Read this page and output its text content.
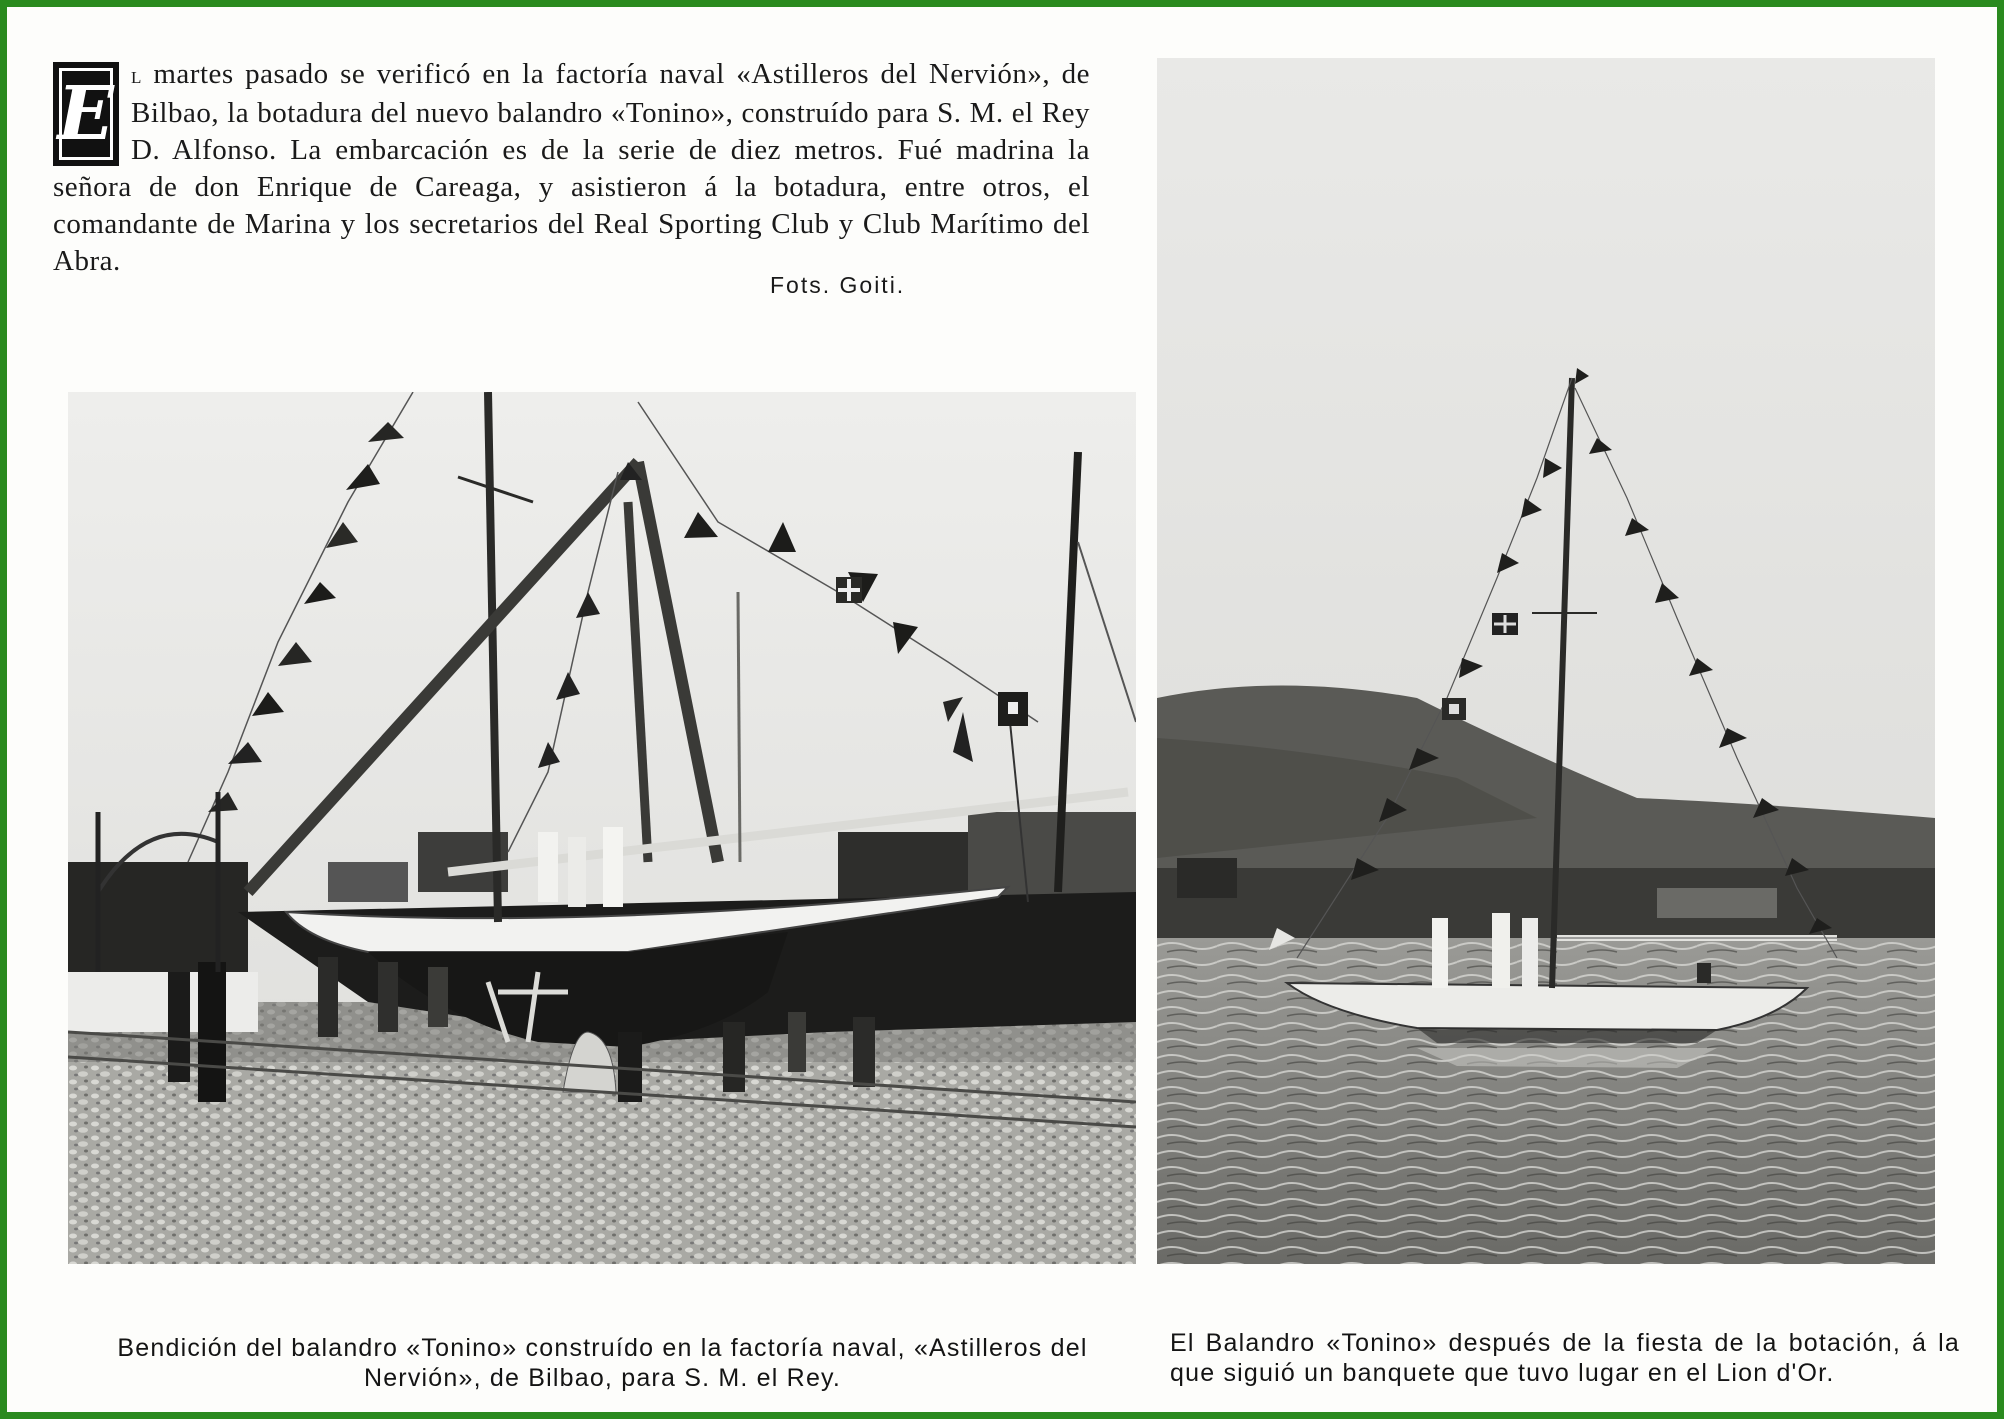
E l martes pasado se verificó en la factoría naval «Astilleros del Nervión», de Bilbao, la botadura del nuevo balandro «Tonino», construído para S. M. el Rey D. Alfonso. La embarcación es de la serie de diez metros. Fué madrina la señora de don Enrique de Careaga, y asistieron á la botadura, entre otros, el comandante de Marina y los secretarios del Real Sporting Club y Club Marítimo del Abra.
Fots. Goiti.
Bendición del balandro «Tonino» construído en la factoría naval, «Astilleros del Nervión», de Bilbao, para S. M. el Rey.
El Balandro «Tonino» después de la fiesta de la botación, á la que siguió un banquete que tuvo lugar en el Lion d'Or.
